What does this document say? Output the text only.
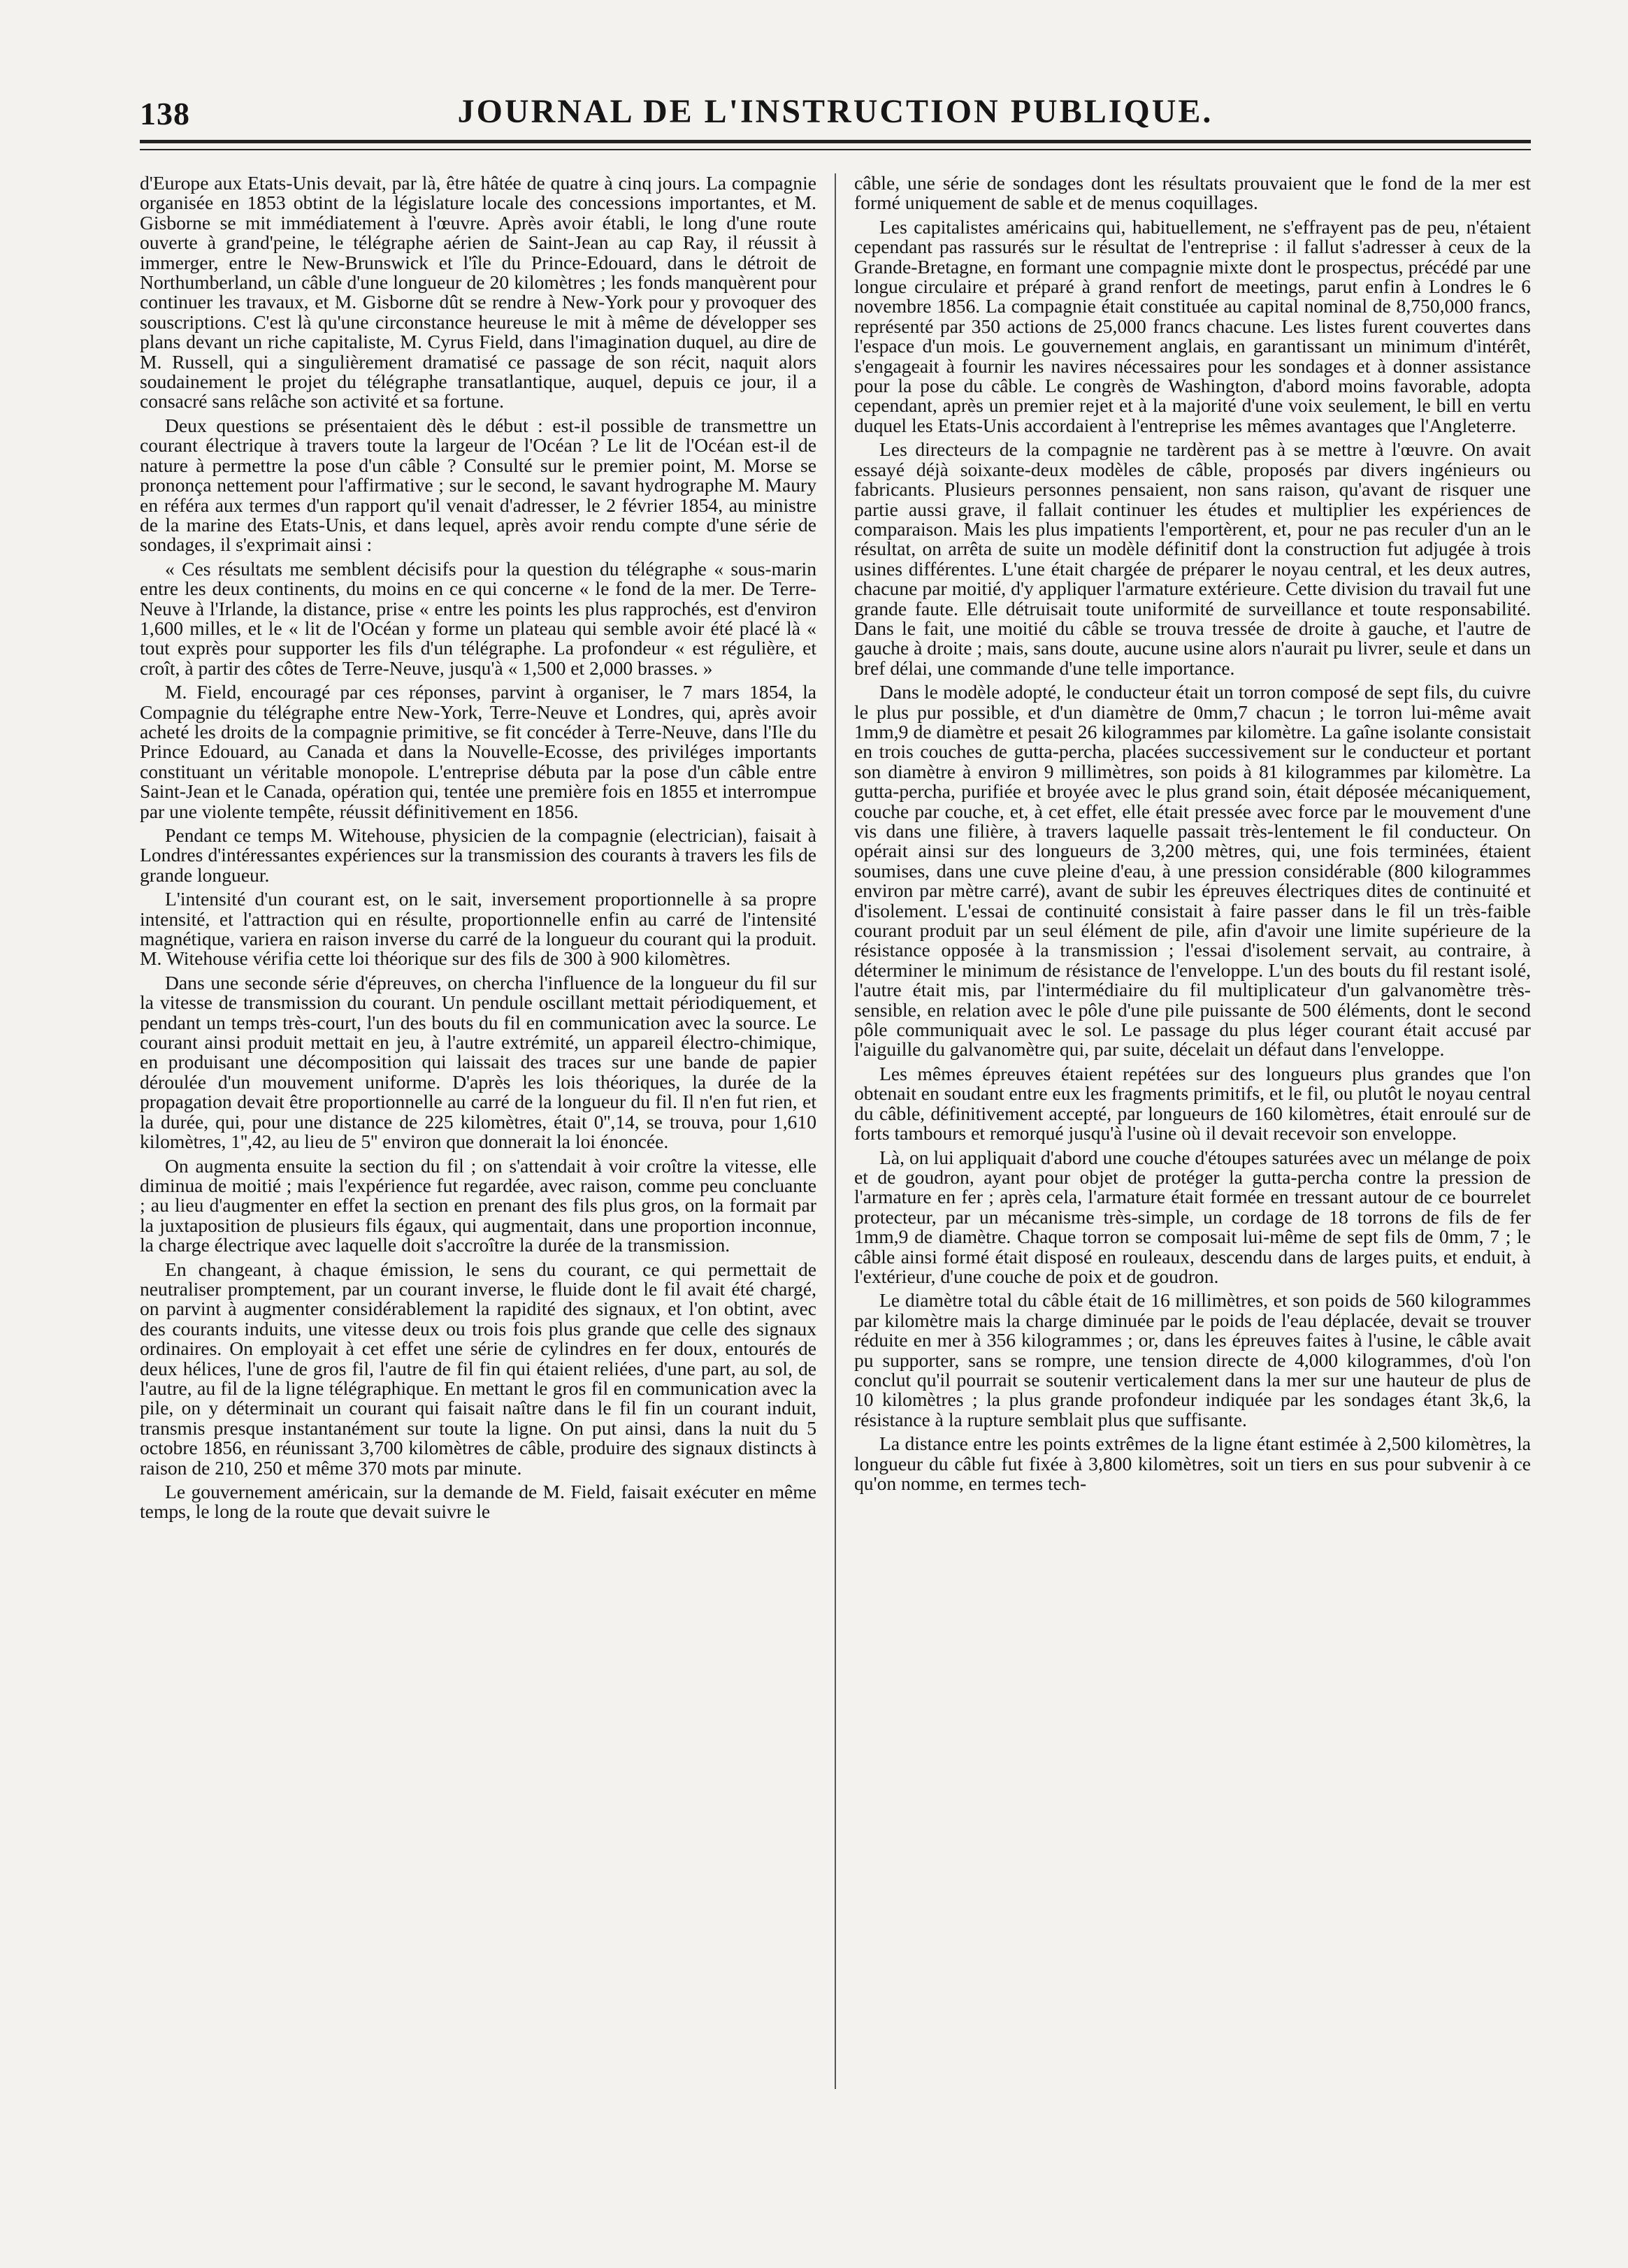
138	JOURNAL DE L'INSTRUCTION PUBLIQUE.

d'Europe aux Etats-Unis devait, par là, être hâtée de quatre à cinq jours. La compagnie organisée en 1853 obtint de la législature locale des concessions importantes, et M. Gisborne se mit immédiatement à l'œuvre. Après avoir établi, le long d'une route ouverte à grand'peine, le télégraphe aérien de Saint-Jean au cap Ray, il réussit à immerger, entre le New-Brunswick et l'île du Prince-Edouard, dans le détroit de Northumberland, un câble d'une longueur de 20 kilomètres ; les fonds manquèrent pour continuer les travaux, et M. Gisborne dût se rendre à New-York pour y provoquer des souscriptions. C'est là qu'une circonstance heureuse le mit à même de développer ses plans devant un riche capitaliste, M. Cyrus Field, dans l'imagination duquel, au dire de M. Russell, qui a singulièrement dramatisé ce passage de son récit, naquit alors soudainement le projet du télégraphe transatlantique, auquel, depuis ce jour, il a consacré sans relâche son activité et sa fortune.

Deux questions se présentaient dès le début : est-il possible de transmettre un courant électrique à travers toute la largeur de l'Océan ? Le lit de l'Océan est-il de nature à permettre la pose d'un câble ? Consulté sur le premier point, M. Morse se prononça nettement pour l'affirmative ; sur le second, le savant hydrographe M. Maury en référa aux termes d'un rapport qu'il venait d'adresser, le 2 février 1854, au ministre de la marine des Etats-Unis, et dans lequel, après avoir rendu compte d'une série de sondages, il s'exprimait ainsi :

« Ces résultats me semblent décisifs pour la question du télégraphe « sous-marin entre les deux continents, du moins en ce qui concerne « le fond de la mer. De Terre-Neuve à l'Irlande, la distance, prise « entre les points les plus rapprochés, est d'environ 1,600 milles, et le « lit de l'Océan y forme un plateau qui semble avoir été placé là « tout exprès pour supporter les fils d'un télégraphe. La profondeur « est régulière, et croît, à partir des côtes de Terre-Neuve, jusqu'à « 1,500 et 2,000 brasses. »

M. Field, encouragé par ces réponses, parvint à organiser, le 7 mars 1854, la Compagnie du télégraphe entre New-York, Terre-Neuve et Londres, qui, après avoir acheté les droits de la compagnie primitive, se fit concéder à Terre-Neuve, dans l'Ile du Prince Edouard, au Canada et dans la Nouvelle-Ecosse, des priviléges importants constituant un véritable monopole. L'entreprise débuta par la pose d'un câble entre Saint-Jean et le Canada, opération qui, tentée une première fois en 1855 et interrompue par une violente tempête, réussit définitivement en 1856.

Pendant ce temps M. Witehouse, physicien de la compagnie (electrician), faisait à Londres d'intéressantes expériences sur la transmission des courants à travers les fils de grande longueur.

L'intensité d'un courant est, on le sait, inversement proportionnelle à sa propre intensité, et l'attraction qui en résulte, proportionnelle enfin au carré de l'intensité magnétique, variera en raison inverse du carré de la longueur du courant qui la produit. M. Witehouse vérifia cette loi théorique sur des fils de 300 à 900 kilomètres.

Dans une seconde série d'épreuves, on chercha l'influence de la longueur du fil sur la vitesse de transmission du courant. Un pendule oscillant mettait périodiquement, et pendant un temps très-court, l'un des bouts du fil en communication avec la source. Le courant ainsi produit mettait en jeu, à l'autre extrémité, un appareil électro-chimique, en produisant une décomposition qui laissait des traces sur une bande de papier déroulée d'un mouvement uniforme. D'après les lois théoriques, la durée de la propagation devait être proportionnelle au carré de la longueur du fil. Il n'en fut rien, et la durée, qui, pour une distance de 225 kilomètres, était 0'',14, se trouva, pour 1,610 kilomètres, 1'',42, au lieu de 5'' environ que donnerait la loi énoncée.

On augmenta ensuite la section du fil ; on s'attendait à voir croître la vitesse, elle diminua de moitié ; mais l'expérience fut regardée, avec raison, comme peu concluante ; au lieu d'augmenter en effet la section en prenant des fils plus gros, on la formait par la juxtaposition de plusieurs fils égaux, qui augmentait, dans une proportion inconnue, la charge électrique avec laquelle doit s'accroître la durée de la transmission.

En changeant, à chaque émission, le sens du courant, ce qui permettait de neutraliser promptement, par un courant inverse, le fluide dont le fil avait été chargé, on parvint à augmenter considérablement la rapidité des signaux, et l'on obtint, avec des courants induits, une vitesse deux ou trois fois plus grande que celle des signaux ordinaires. On employait à cet effet une série de cylindres en fer doux, entourés de deux hélices, l'une de gros fil, l'autre de fil fin qui étaient reliées, d'une part, au sol, de l'autre, au fil de la ligne télégraphique. En mettant le gros fil en communication avec la pile, on y déterminait un courant qui faisait naître dans le fil fin un courant induit, transmis presque instantanément sur toute la ligne. On put ainsi, dans la nuit du 5 octobre 1856, en réunissant 3,700 kilomètres de câble, produire des signaux distincts à raison de 210, 250 et même 370 mots par minute.

Le gouvernement américain, sur la demande de M. Field, faisait exécuter en même temps, le long de la route que devait suivre le

câble, une série de sondages dont les résultats prouvaient que le fond de la mer est formé uniquement de sable et de menus coquillages.

Les capitalistes américains qui, habituellement, ne s'effrayent pas de peu, n'étaient cependant pas rassurés sur le résultat de l'entreprise : il fallut s'adresser à ceux de la Grande-Bretagne, en formant une compagnie mixte dont le prospectus, précédé par une longue circulaire et préparé à grand renfort de meetings, parut enfin à Londres le 6 novembre 1856. La compagnie était constituée au capital nominal de 8,750,000 francs, représenté par 350 actions de 25,000 francs chacune. Les listes furent couvertes dans l'espace d'un mois. Le gouvernement anglais, en garantissant un minimum d'intérêt, s'engageait à fournir les navires nécessaires pour les sondages et à donner assistance pour la pose du câble. Le congrès de Washington, d'abord moins favorable, adopta cependant, après un premier rejet et à la majorité d'une voix seulement, le bill en vertu duquel les Etats-Unis accordaient à l'entreprise les mêmes avantages que l'Angleterre.

Les directeurs de la compagnie ne tardèrent pas à se mettre à l'œuvre. On avait essayé déjà soixante-deux modèles de câble, proposés par divers ingénieurs ou fabricants. Plusieurs personnes pensaient, non sans raison, qu'avant de risquer une partie aussi grave, il fallait continuer les études et multiplier les expériences de comparaison. Mais les plus impatients l'emportèrent, et, pour ne pas reculer d'un an le résultat, on arrêta de suite un modèle définitif dont la construction fut adjugée à trois usines différentes. L'une était chargée de préparer le noyau central, et les deux autres, chacune par moitié, d'y appliquer l'armature extérieure. Cette division du travail fut une grande faute. Elle détruisait toute uniformité de surveillance et toute responsabilité. Dans le fait, une moitié du câble se trouva tressée de droite à gauche, et l'autre de gauche à droite ; mais, sans doute, aucune usine alors n'aurait pu livrer, seule et dans un bref délai, une commande d'une telle importance.

Dans le modèle adopté, le conducteur était un torron composé de sept fils, du cuivre le plus pur possible, et d'un diamètre de 0mm,7 chacun ; le torron lui-même avait 1mm,9 de diamètre et pesait 26 kilogrammes par kilomètre. La gaîne isolante consistait en trois couches de gutta-percha, placées successivement sur le conducteur et portant son diamètre à environ 9 millimètres, son poids à 81 kilogrammes par kilomètre. La gutta-percha, purifiée et broyée avec le plus grand soin, était déposée mécaniquement, couche par couche, et, à cet effet, elle était pressée avec force par le mouvement d'une vis dans une filière, à travers laquelle passait très-lentement le fil conducteur. On opérait ainsi sur des longueurs de 3,200 mètres, qui, une fois terminées, étaient soumises, dans une cuve pleine d'eau, à une pression considérable (800 kilogrammes environ par mètre carré), avant de subir les épreuves électriques dites de continuité et d'isolement. L'essai de continuité consistait à faire passer dans le fil un très-faible courant produit par un seul élément de pile, afin d'avoir une limite supérieure de la résistance opposée à la transmission ; l'essai d'isolement servait, au contraire, à déterminer le minimum de résistance de l'enveloppe. L'un des bouts du fil restant isolé, l'autre était mis, par l'intermédiaire du fil multiplicateur d'un galvanomètre très-sensible, en relation avec le pôle d'une pile puissante de 500 éléments, dont le second pôle communiquait avec le sol. Le passage du plus léger courant était accusé par l'aiguille du galvanomètre qui, par suite, décelait un défaut dans l'enveloppe.

Les mêmes épreuves étaient repétées sur des longueurs plus grandes que l'on obtenait en soudant entre eux les fragments primitifs, et le fil, ou plutôt le noyau central du câble, définitivement accepté, par longueurs de 160 kilomètres, était enroulé sur de forts tambours et remorqué jusqu'à l'usine où il devait recevoir son enveloppe.

Là, on lui appliquait d'abord une couche d'étoupes saturées avec un mélange de poix et de goudron, ayant pour objet de protéger la gutta-percha contre la pression de l'armature en fer ; après cela, l'armature était formée en tressant autour de ce bourrelet protecteur, par un mécanisme très-simple, un cordage de 18 torrons de fils de fer 1mm,9 de diamètre. Chaque torron se composait lui-même de sept fils de 0mm, 7 ; le câble ainsi formé était disposé en rouleaux, descendu dans de larges puits, et enduit, à l'extérieur, d'une couche de poix et de goudron.

Le diamètre total du câble était de 16 millimètres, et son poids de 560 kilogrammes par kilomètre mais la charge diminuée par le poids de l'eau déplacée, devait se trouver réduite en mer à 356 kilogrammes ; or, dans les épreuves faites à l'usine, le câble avait pu supporter, sans se rompre, une tension directe de 4,000 kilogrammes, d'où l'on conclut qu'il pourrait se soutenir verticalement dans la mer sur une hauteur de plus de 10 kilomètres ; la plus grande profondeur indiquée par les sondages étant 3k,6, la résistance à la rupture semblait plus que suffisante.

La distance entre les points extrêmes de la ligne étant estimée à 2,500 kilomètres, la longueur du câble fut fixée à 3,800 kilomètres, soit un tiers en sus pour subvenir à ce qu'on nomme, en termes tech-
